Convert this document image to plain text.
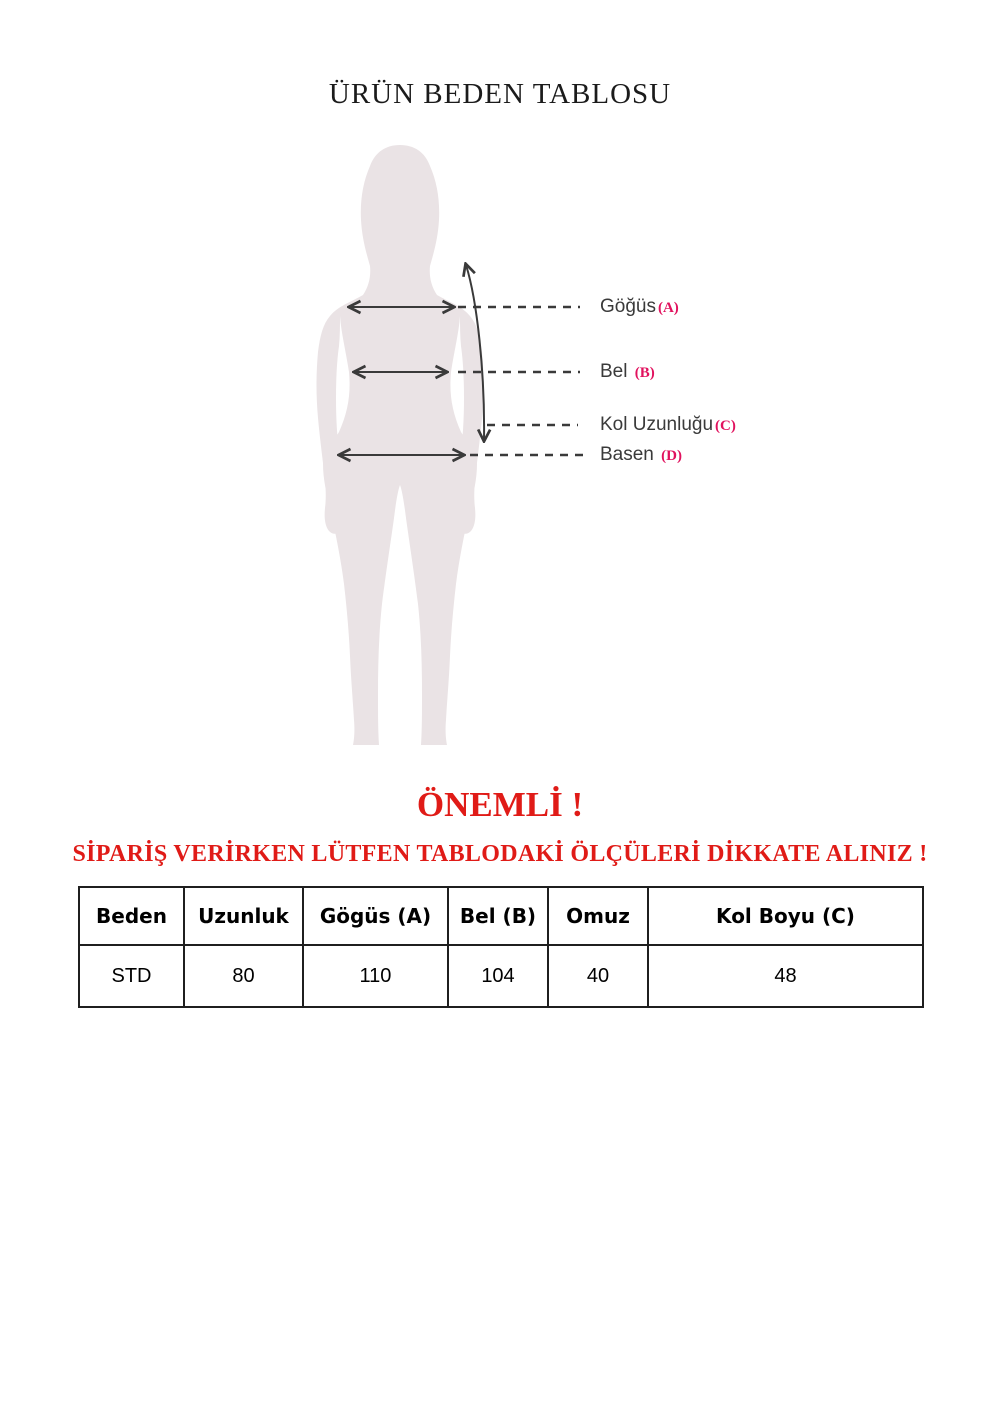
ÜRÜN BEDEN TABLOSU
Göğüs (A)
Bel (B)
Kol Uzunluğu (C)
Basen (D)
ÖNEMLİ !
SİPARİŞ VERİRKEN LÜTFEN TABLODAKİ ÖLÇÜLERİ DİKKATE ALINIZ !
Beden	Uzunluk	Gögüs (A)	Bel (B)	Omuz	Kol Boyu (C)
STD	80	110	104	40	48
